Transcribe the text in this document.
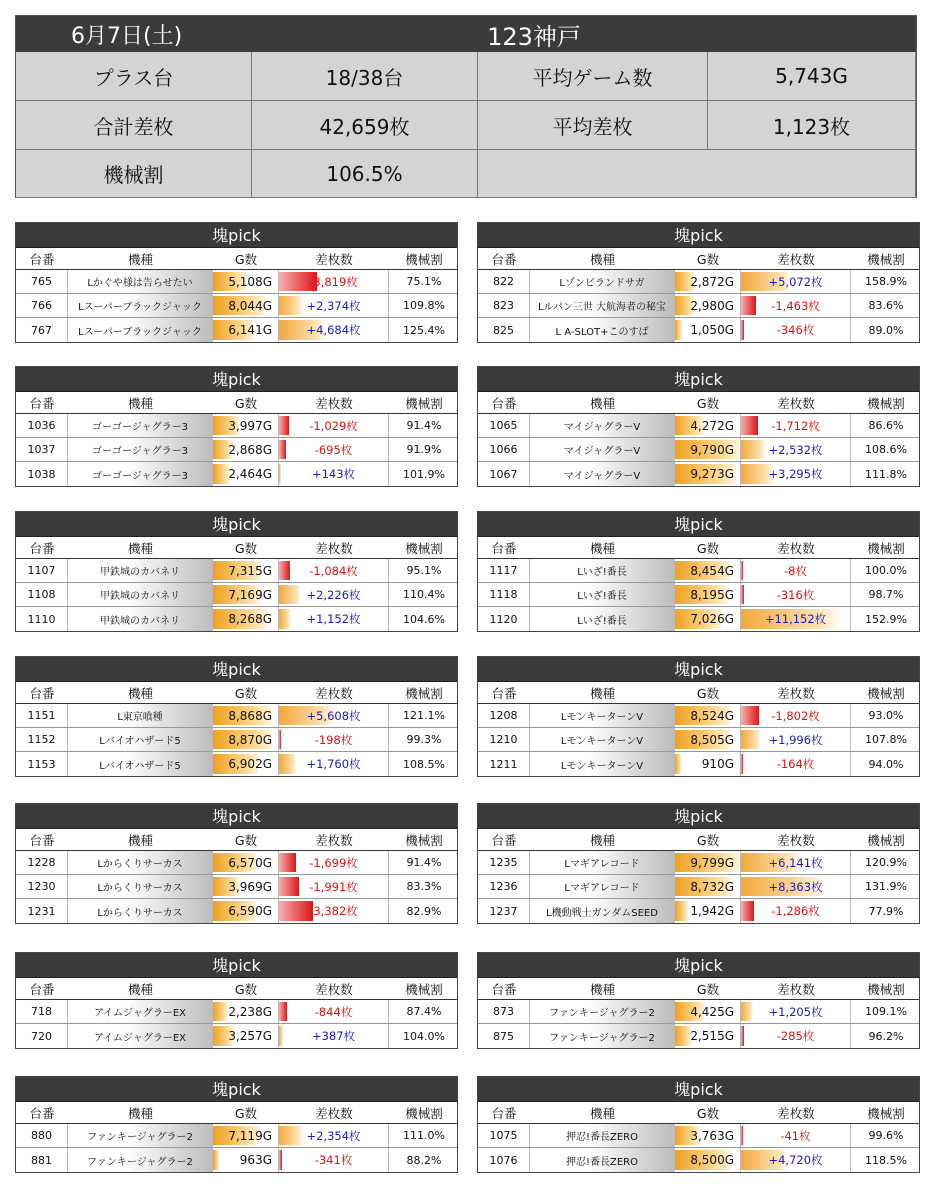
6月7日(土)	123神戸
プラス台	18/38台	平均ゲーム数	5,743G
合計差枚	42,659枚	平均差枚	1,123枚
機械割	106.5%
塊pick
台番	機種	G数	差枚数	機械割
765	Lかぐや様は告らせたい	5,108G	-3,819枚	75.1%
766	Lスーパーブラックジャック	8,044G	+2,374枚	109.8%
767	Lスーパーブラックジャック	6,141G	+4,684枚	125.4%
塊pick
台番	機種	G数	差枚数	機械割
822	Lゾンビランドサガ	2,872G	+5,072枚	158.9%
823	Lルパン三世 大航海者の秘宝	2,980G	-1,463枚	83.6%
825	L A-SLOT+このすば	1,050G	-346枚	89.0%
塊pick
台番	機種	G数	差枚数	機械割
1036	ゴーゴージャグラー3	3,997G	-1,029枚	91.4%
1037	ゴーゴージャグラー3	2,868G	-695枚	91.9%
1038	ゴーゴージャグラー3	2,464G	+143枚	101.9%
塊pick
台番	機種	G数	差枚数	機械割
1065	マイジャグラーV	4,272G	-1,712枚	86.6%
1066	マイジャグラーV	9,790G	+2,532枚	108.6%
1067	マイジャグラーV	9,273G	+3,295枚	111.8%
塊pick
台番	機種	G数	差枚数	機械割
1107	甲鉄城のカバネリ	7,315G	-1,084枚	95.1%
1108	甲鉄城のカバネリ	7,169G	+2,226枚	110.4%
1110	甲鉄城のカバネリ	8,268G	+1,152枚	104.6%
塊pick
台番	機種	G数	差枚数	機械割
1117	Lいざ!番長	8,454G	-8枚	100.0%
1118	Lいざ!番長	8,195G	-316枚	98.7%
1120	Lいざ!番長	7,026G	+11,152枚	152.9%
塊pick
台番	機種	G数	差枚数	機械割
1151	L東京喰種	8,868G	+5,608枚	121.1%
1152	Lバイオハザード5	8,870G	-198枚	99.3%
1153	Lバイオハザード5	6,902G	+1,760枚	108.5%
塊pick
台番	機種	G数	差枚数	機械割
1208	LモンキーターンV	8,524G	-1,802枚	93.0%
1210	LモンキーターンV	8,505G	+1,996枚	107.8%
1211	LモンキーターンV	910G	-164枚	94.0%
塊pick
台番	機種	G数	差枚数	機械割
1228	Lからくりサーカス	6,570G	-1,699枚	91.4%
1230	Lからくりサーカス	3,969G	-1,991枚	83.3%
1231	Lからくりサーカス	6,590G	-3,382枚	82.9%
塊pick
台番	機種	G数	差枚数	機械割
1235	Lマギアレコード	9,799G	+6,141枚	120.9%
1236	Lマギアレコード	8,732G	+8,363枚	131.9%
1237	L機動戦士ガンダムSEED	1,942G	-1,286枚	77.9%
塊pick
台番	機種	G数	差枚数	機械割
718	アイムジャグラーEX	2,238G	-844枚	87.4%
720	アイムジャグラーEX	3,257G	+387枚	104.0%
塊pick
台番	機種	G数	差枚数	機械割
873	ファンキージャグラー2	4,425G	+1,205枚	109.1%
875	ファンキージャグラー2	2,515G	-285枚	96.2%
塊pick
台番	機種	G数	差枚数	機械割
880	ファンキージャグラー2	7,119G	+2,354枚	111.0%
881	ファンキージャグラー2	963G	-341枚	88.2%
塊pick
台番	機種	G数	差枚数	機械割
1075	押忍!番長ZERO	3,763G	-41枚	99.6%
1076	押忍!番長ZERO	8,500G	+4,720枚	118.5%
